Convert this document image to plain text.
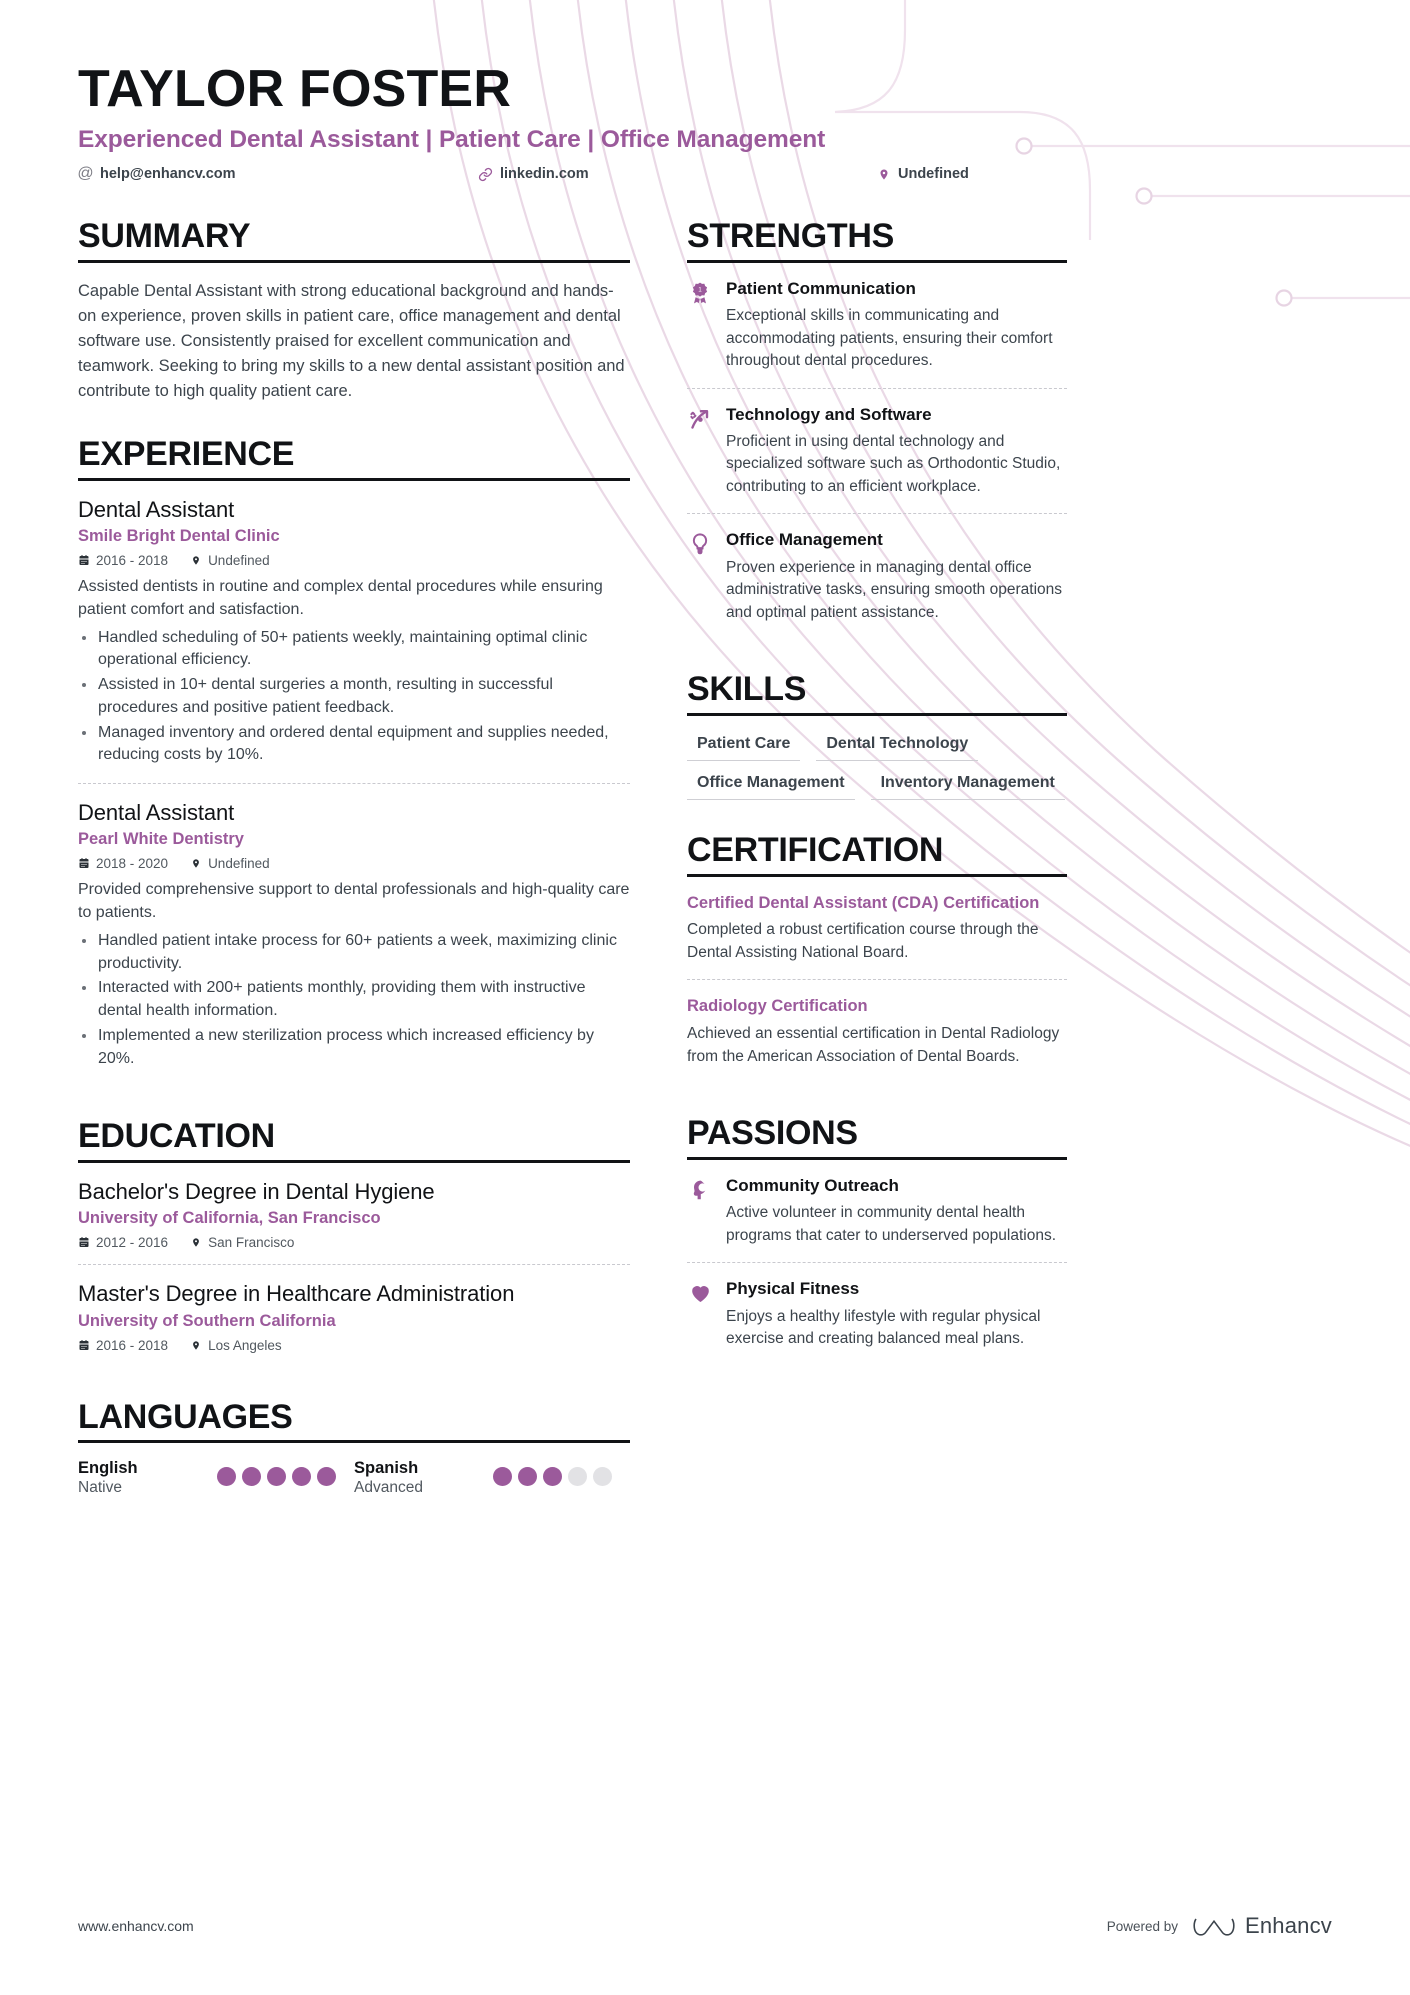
TAYLOR FOSTER
Experienced Dental Assistant | Patient Care | Office Management
@ help@enhancv.com	linkedin.com	Undefined
SUMMARY

Capable Dental Assistant with strong educational background and hands-on experience, proven skills in patient care, office management and dental software use. Consistently praised for excellent communication and teamwork. Seeking to bring my skills to a new dental assistant position and contribute to high quality patient care.

EXPERIENCE
Dental Assistant
Smile Bright Dental Clinic
2016 - 2018	Undefined
Assisted dentists in routine and complex dental procedures while ensuring patient comfort and satisfaction.
Handled scheduling of 50+ patients weekly, maintaining optimal clinic operational efficiency.
Assisted in 10+ dental surgeries a month, resulting in successful procedures and positive patient feedback.
Managed inventory and ordered dental equipment and supplies needed, reducing costs by 10%.
Dental Assistant
Pearl White Dentistry
2018 - 2020	Undefined
Provided comprehensive support to dental professionals and high-quality care to patients.
Handled patient intake process for 60+ patients a week, maximizing clinic productivity.
Interacted with 200+ patients monthly, providing them with instructive dental health information.
Implemented a new sterilization process which increased efficiency by 20%.
EDUCATION
Bachelor's Degree in Dental Hygiene
University of California, San Francisco
2012 - 2016	San Francisco
Master's Degree in Healthcare Administration
University of Southern California
2016 - 2018	Los Angeles
LANGUAGES
English
Native
Spanish
Advanced
STRENGTHS
1 Patient Communication
Exceptional skills in communicating and accommodating patients, ensuring their comfort throughout dental procedures.
Technology and Software
Proficient in using dental technology and specialized software such as Orthodontic Studio, contributing to an efficient workplace.
Office Management
Proven experience in managing dental office administrative tasks, ensuring smooth operations and optimal patient assistance.
SKILLS
Patient Care	Dental Technology
Office Management	Inventory Management
CERTIFICATION
Certified Dental Assistant (CDA) Certification
Completed a robust certification course through the Dental Assisting National Board.
Radiology Certification
Achieved an essential certification in Dental Radiology from the American Association of Dental Boards.
PASSIONS
Community Outreach
Active volunteer in community dental health programs that cater to underserved populations.
Physical Fitness
Enjoys a healthy lifestyle with regular physical exercise and creating balanced meal plans.
www.enhancv.com	Powered by	Enhancv
